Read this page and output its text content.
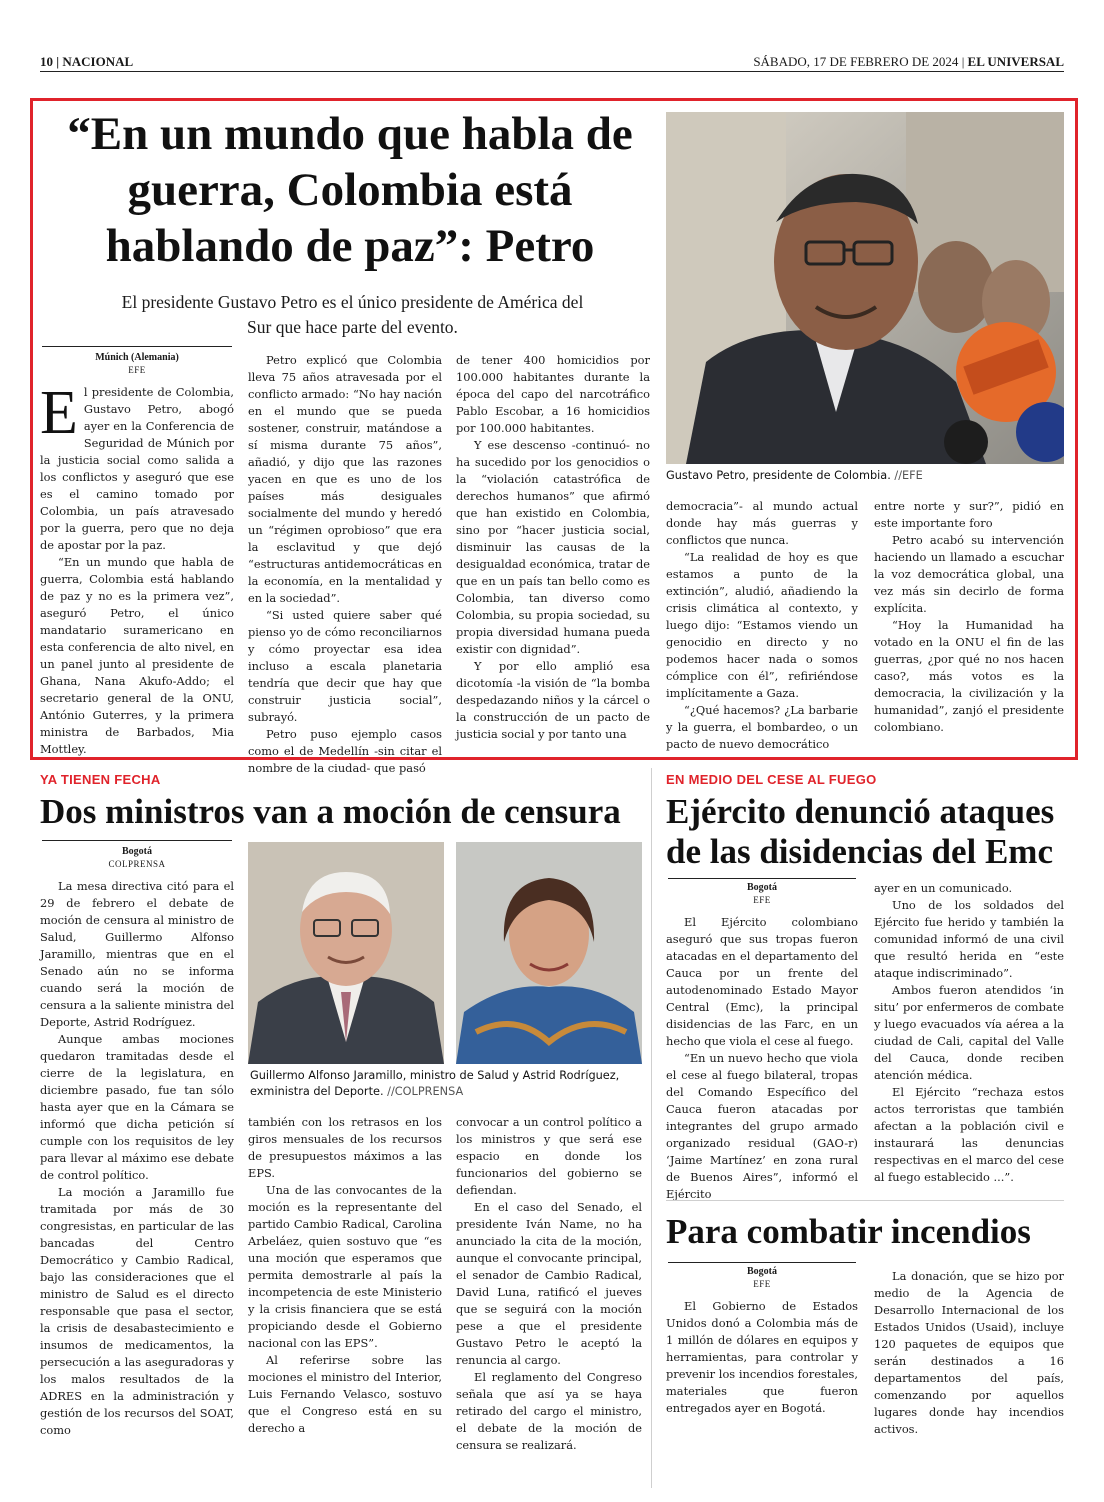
10 | NACIONAL	SÁBADO, 17 DE FEBRERO DE 2024 | EL UNIVERSAL
“En un mundo que habla de guerra, Colombia está hablando de paz”: Petro

El presidente Gustavo Petro es el único presidente de América del Sur que hace parte del evento.

Gustavo Petro, presidente de Colombia. //EFE
Múnich (Alemania)
EFE

El presidente de Colombia, Gustavo Petro, abogó ayer en la Conferencia de Seguridad de Múnich por la justicia social como salida a los conflictos y aseguró que ese es el camino tomado por Colombia, un país atravesado por la guerra, pero que no deja de apostar por la paz.

“En un mundo que habla de guerra, Colombia está hablando de paz y no es la primera vez”, aseguró Petro, el único mandatario suramericano en esta conferencia de alto nivel, en un panel junto al presidente de Ghana, Nana Akufo-Addo; el secretario general de la ONU, António Guterres, y la primera ministra de Barbados, Mia Mottley.

Petro explicó que Colombia lleva 75 años atravesada por el conflicto armado: “No hay nación en el mundo que se pueda sostener, construir, matándose a sí misma durante 75 años”, añadió, y dijo que las razones yacen en que es uno de los países más desiguales socialmente del mundo y heredó un “régimen oprobioso” que era la esclavitud y que dejó “estructuras antidemocráticas en la economía, en la mentalidad y en la sociedad”.

“Si usted quiere saber qué pienso yo de cómo reconciliarnos y cómo proyectar esa idea incluso a escala planetaria tendría que decir que hay que construir justicia social”, subrayó.

Petro puso ejemplo casos como el de Medellín -sin citar el nombre de la ciudad- que pasó

de tener 400 homicidios por 100.000 habitantes durante la época del capo del narcotráfico Pablo Escobar, a 16 homicidios por 100.000 habitantes.

Y ese descenso -continuó- no ha sucedido por los genocidios o la “violación catastrófica de derechos humanos” que afirmó que han existido en Colombia, sino por “hacer justicia social, disminuir las causas de la desigualdad económica, tratar de que en un país tan bello como es Colombia, tan diverso como Colombia, su propia sociedad, su propia diversidad humana pueda existir con dignidad”.

Y por ello amplió esa dicotomía -la visión de “la bomba despedazando niños y la cárcel o la construcción de un pacto de justicia social y por tanto una

democracia”- al mundo actual donde hay más guerras y conflictos que nunca.

“La realidad de hoy es que estamos a punto de la extinción”, aludió, añadiendo la crisis climática al contexto, y luego dijo: “Estamos viendo un genocidio en directo y no podemos hacer nada o somos cómplice con él”, refiriéndose implícitamente a Gaza.

“¿Qué hacemos? ¿La barbarie y la guerra, el bombardeo, o un pacto de nuevo democrático

entre norte y sur?”, pidió en este importante foro

Petro acabó su intervención haciendo un llamado a escuchar la voz democrática global, una vez más sin decirlo de forma explícita.

“Hoy la Humanidad ha votado en la ONU el fin de las guerras, ¿por qué no nos hacen caso?, más votos es la democracia, la civilización y la humanidad”, zanjó el presidente colombiano.

YA TIENEN FECHA
Dos ministros van a moción de censura
Bogotá
COLPRENSA

La mesa directiva citó para el 29 de febrero el debate de moción de censura al ministro de Salud, Guillermo Alfonso Jaramillo, mientras que en el Senado aún no se informa cuando será la moción de censura a la saliente ministra del Deporte, Astrid Rodríguez.

Aunque ambas mociones quedaron tramitadas desde el cierre de la legislatura, en diciembre pasado, fue tan sólo hasta ayer que en la Cámara se informó que dicha petición sí cumple con los requisitos de ley para llevar al máximo ese debate de control político.

La moción a Jaramillo fue tramitada por más de 30 congresistas, en particular de las bancadas del Centro Democrático y Cambio Radical, bajo las consideraciones que el ministro de Salud es el directo responsable que pasa el sector, la crisis de desabastecimiento e insumos de medicamentos, la persecución a las aseguradoras y los malos resultados de la ADRES en la administración y gestión de los recursos del SOAT, como

Guillermo Alfonso Jaramillo, ministro de Salud y Astrid Rodríguez, exministra del Deporte. //COLPRENSA

también con los retrasos en los giros mensuales de los recursos de presupuestos máximos a las EPS.

Una de las convocantes de la moción es la representante del partido Cambio Radical, Carolina Arbeláez, quien sostuvo que “es una moción que esperamos que permita demostrarle al país la incompetencia de este Ministerio y la crisis financiera que se está propiciando desde el Gobierno nacional con las EPS”.

Al referirse sobre las mociones el ministro del Interior, Luis Fernando Velasco, sostuvo que el Congreso está en su derecho a

convocar a un control político a los ministros y que será ese espacio en donde los funcionarios del gobierno se defiendan.

En el caso del Senado, el presidente Iván Name, no ha anunciado la cita de la moción, aunque el convocante principal, el senador de Cambio Radical, David Luna, ratificó el jueves que se seguirá con la moción pese a que el presidente Gustavo Petro le aceptó la renuncia al cargo.

El reglamento del Congreso señala que así ya se haya retirado del cargo el ministro, el debate de la moción de censura se realizará.

EN MEDIO DEL CESE AL FUEGO
Ejército denunció ataques de las disidencias del Emc
Bogotá
EFE

El Ejército colombiano aseguró que sus tropas fueron atacadas en el departamento del Cauca por un frente del autodenominado Estado Mayor Central (Emc), la principal disidencias de las Farc, en un hecho que viola el cese al fuego.

“En un nuevo hecho que viola el cese al fuego bilateral, tropas del Comando Específico del Cauca fueron atacadas por integrantes del grupo armado organizado residual (GAO-r) ‘Jaime Martínez’ en zona rural de Buenos Aires”, informó el Ejército

ayer en un comunicado.

Uno de los soldados del Ejército fue herido y también la comunidad informó de una civil que resultó herida en “este ataque indiscriminado”.

Ambos fueron atendidos ‘in situ’ por enfermeros de combate y luego evacuados vía aérea a la ciudad de Cali, capital del Valle del Cauca, donde reciben atención médica.

El Ejército “rechaza estos actos terroristas que también afectan a la población civil e instaurará las denuncias respectivas en el marco del cese al fuego establecido ...”.

Para combatir incendios
Bogotá
EFE

El Gobierno de Estados Unidos donó a Colombia más de 1 millón de dólares en equipos y herramientas, para controlar y prevenir los incendios forestales, materiales que fueron entregados ayer en Bogotá.

La donación, que se hizo por medio de la Agencia de Desarrollo Internacional de los Estados Unidos (Usaid), incluye 120 paquetes de equipos que serán destinados a 16 departamentos del país, comenzando por aquellos lugares donde hay incendios activos.
